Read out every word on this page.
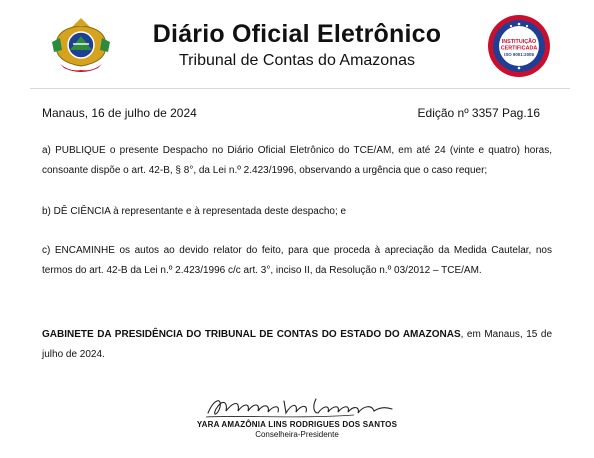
Diário Oficial Eletrônico
Tribunal de Contas do Amazonas
INSTITUIÇÃO
CERTIFICADA
ISO 9001:2008
Manaus, 16 de julho de 2024	Edição nº 3357 Pag.16
a) PUBLIQUE o presente Despacho no Diário Oficial Eletrônico do TCE/AM, em até 24 (vinte e quatro) horas, consoante dispõe o art. 42-B, § 8°, da Lei n.º 2.423/1996, observando a urgência que o caso requer;
b) DÊ CIÊNCIA à representante e à representada deste despacho; e
c) ENCAMINHE os autos ao devido relator do feito, para que proceda à apreciação da Medida Cautelar, nos termos do art. 42-B da Lei n.º 2.423/1996 c/c art. 3°, inciso II, da Resolução n.º 03/2012 – TCE/AM.
GABINETE DA PRESIDÊNCIA DO TRIBUNAL DE CONTAS DO ESTADO DO AMAZONAS, em Manaus, 15 de julho de 2024.
YARA AMAZÔNIA LINS RODRIGUES DOS SANTOS
Conselheira-Presidente
